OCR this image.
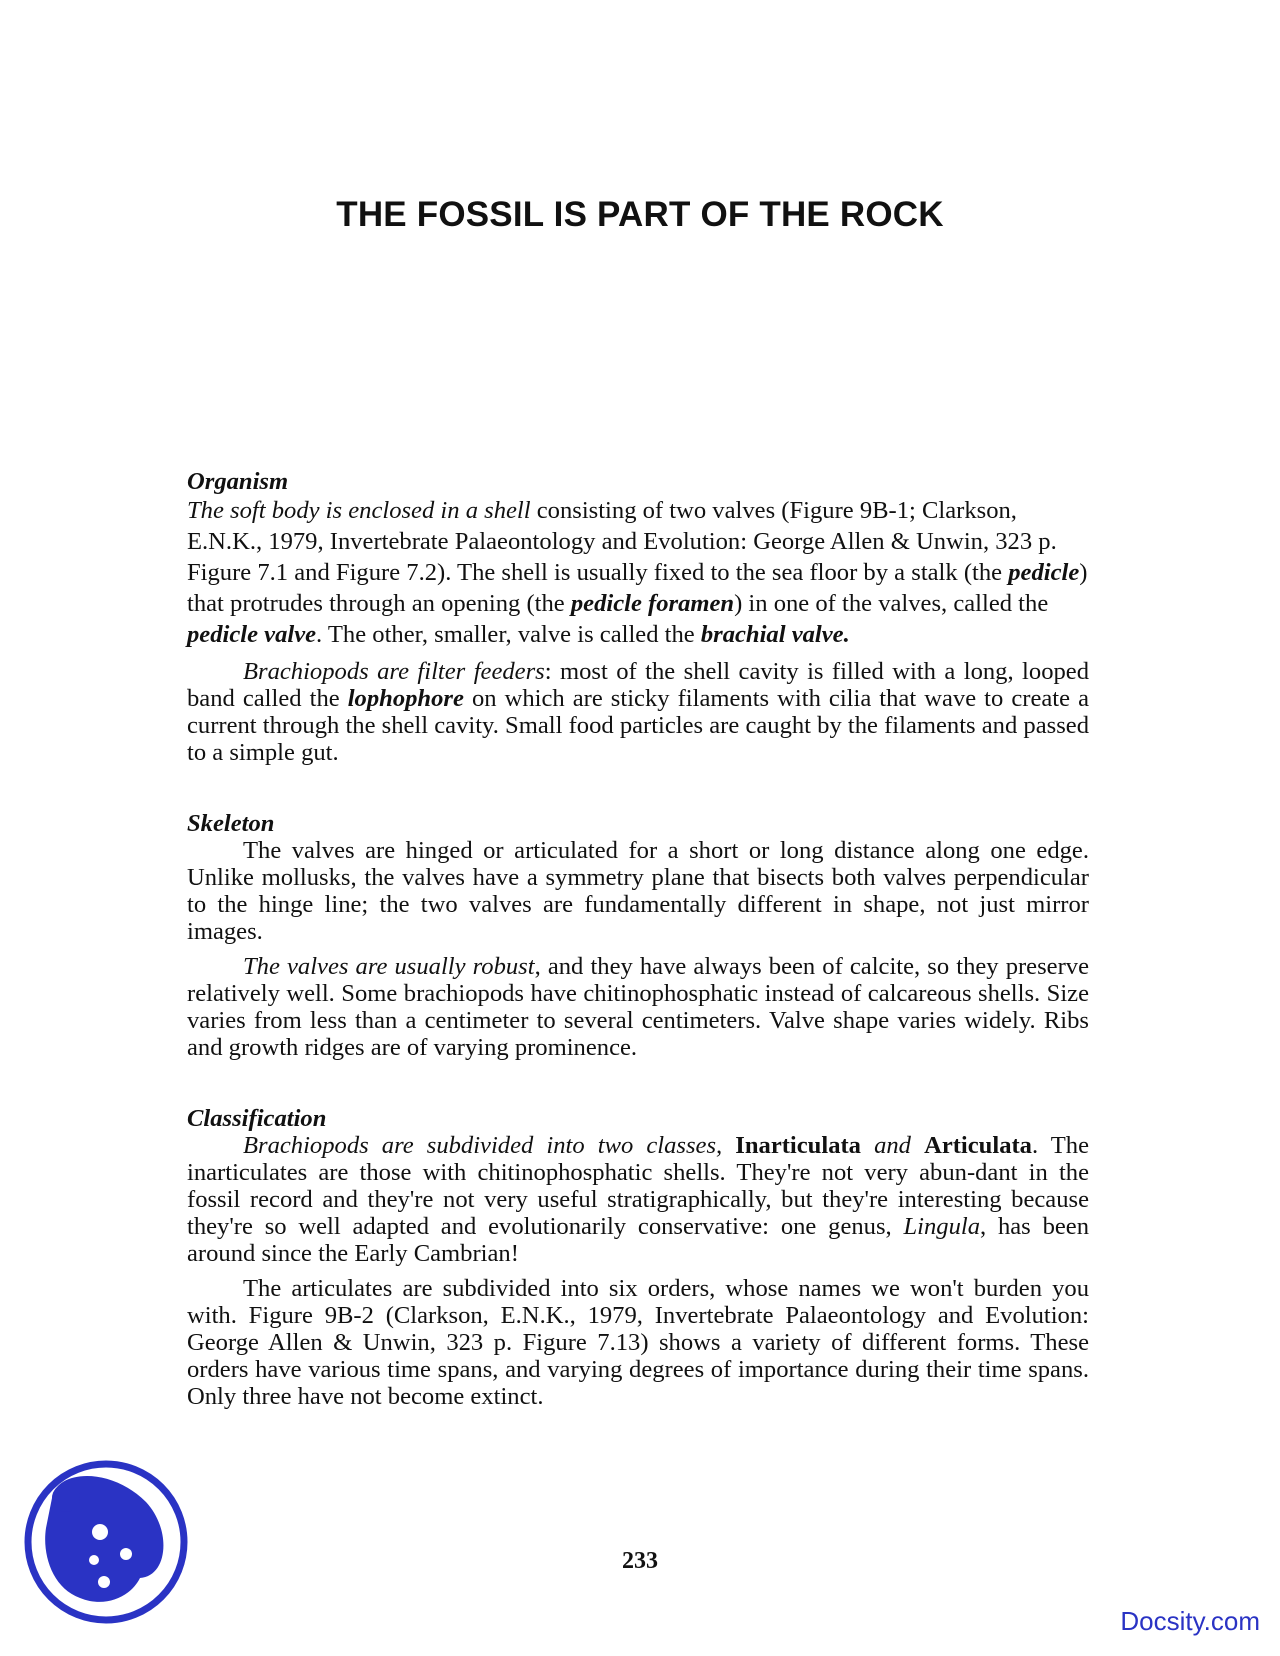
THE FOSSIL IS PART OF THE ROCK
Organism

The soft body is enclosed in a shell consisting of two valves (Figure 9B-1; Clarkson, E.N.K., 1979, Invertebrate Palaeontology and Evolution: George Allen & Unwin, 323 p. Figure 7.1 and Figure 7.2). The shell is usually fixed to the sea floor by a stalk (the pedicle) that protrudes through an opening (the pedicle foramen) in one of the valves, called the pedicle valve. The other, smaller, valve is called the brachial valve.

Brachiopods are filter feeders: most of the shell cavity is filled with a long, looped band called the lophophore on which are sticky filaments with cilia that wave to create a current through the shell cavity. Small food particles are caught by the filaments and passed to a simple gut.

Skeleton

The valves are hinged or articulated for a short or long distance along one edge. Unlike mollusks, the valves have a symmetry plane that bisects both valves perpendicular to the hinge line; the two valves are fundamentally different in shape, not just mirror images.

The valves are usually robust, and they have always been of calcite, so they preserve relatively well. Some brachiopods have chitinophosphatic instead of calcareous shells. Size varies from less than a centimeter to several centimeters. Valve shape varies widely. Ribs and growth ridges are of varying prominence.

Classification

Brachiopods are subdivided into two classes, Inarticulata and Articulata. The inarticulates are those with chitinophosphatic shells. They're not very abun-dant in the fossil record and they're not very useful stratigraphically, but they're interesting because they're so well adapted and evolutionarily conservative: one genus, Lingula, has been around since the Early Cambrian!

The articulates are subdivided into six orders, whose names we won't burden you with. Figure 9B-2 (Clarkson, E.N.K., 1979, Invertebrate Palaeontology and Evolution: George Allen & Unwin, 323 p. Figure 7.13) shows a variety of different forms. These orders have various time spans, and varying degrees of importance during their time spans. Only three have not become extinct.

233
Docsity.com
